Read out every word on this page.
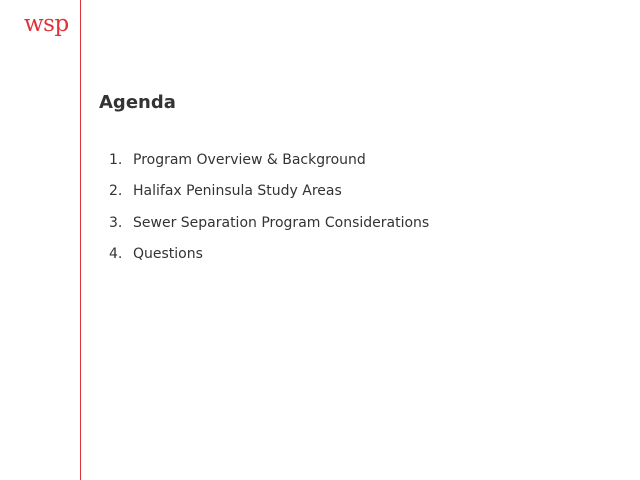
wsp
Agenda
1. Program Overview & Background
2. Halifax Peninsula Study Areas
3. Sewer Separation Program Considerations
4. Questions
